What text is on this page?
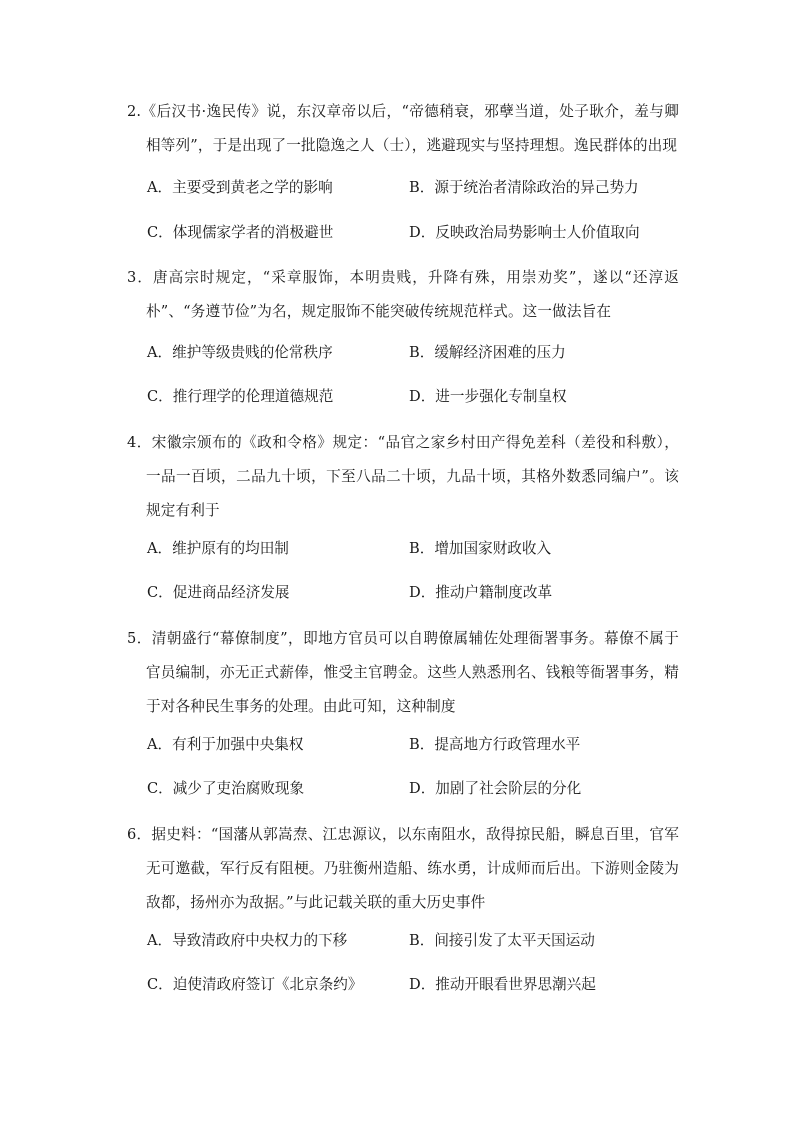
2.《后汉书·逸民传》说，东汉章帝以后，“帝德稍衰，邪孽当道，处子耿介，羞与卿相等列”，于是出现了一批隐逸之人（士），逃避现实与坚持理想。逸民群体的出现
A．主要受到黄老之学的影响	B．源于统治者清除政治的异己势力
C．体现儒家学者的消极避世	D．反映政治局势影响士人价值取向
3．唐高宗时规定，“采章服饰，本明贵贱，升降有殊，用崇劝奖”，遂以“还淳返朴”、“务遵节俭”为名，规定服饰不能突破传统规范样式。这一做法旨在
A．维护等级贵贱的伦常秩序	B．缓解经济困难的压力
C．推行理学的伦理道德规范	D．进一步强化专制皇权
4．宋徽宗颁布的《政和令格》规定：“品官之家乡村田产得免差科（差役和科敷），一品一百顷，二品九十顷，下至八品二十顷，九品十顷，其格外数悉同编户”。该规定有利于
A．维护原有的均田制	B．增加国家财政收入
C．促进商品经济发展	D．推动户籍制度改革
5．清朝盛行“幕僚制度”，即地方官员可以自聘僚属辅佐处理衙署事务。幕僚不属于官员编制，亦无正式薪俸，惟受主官聘金。这些人熟悉刑名、钱粮等衙署事务，精于对各种民生事务的处理。由此可知，这种制度
A．有利于加强中央集权	B．提高地方行政管理水平
C．减少了吏治腐败现象	D．加剧了社会阶层的分化
6．据史料：“国藩从郭嵩焘、江忠源议，以东南阻水，敌得掠民船，瞬息百里，官军无可邀截，军行反有阻梗。乃驻衡州造船、练水勇，计成师而后出。下游则金陵为敌都，扬州亦为敌据。”与此记载关联的重大历史事件
A．导致清政府中央权力的下移	B．间接引发了太平天国运动
C．迫使清政府签订《北京条约》	D．推动开眼看世界思潮兴起
